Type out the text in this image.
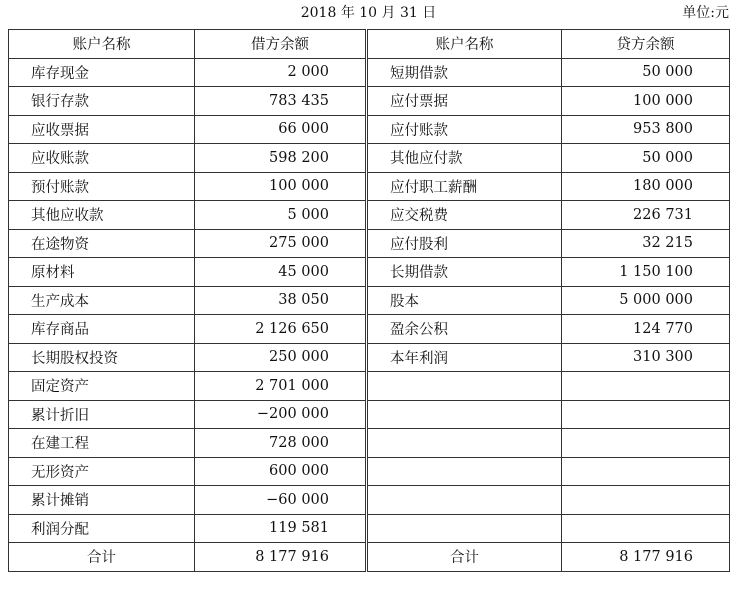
2018 年 10 月 31 日	单位:元
账户名称	借方余额	账户名称	贷方余额
库存现金	2 000	短期借款	50 000
银行存款	783 435	应付票据	100 000
应收票据	66 000	应付账款	953 800
应收账款	598 200	其他应付款	50 000
预付账款	100 000	应付职工薪酬	180 000
其他应收款	5 000	应交税费	226 731
在途物资	275 000	应付股利	32 215
原材料	45 000	长期借款	1 150 100
生产成本	38 050	股本	5 000 000
库存商品	2 126 650	盈余公积	124 770
长期股权投资	250 000	本年利润	310 300
固定资产	2 701 000		
累计折旧	−200 000		
在建工程	728 000		
无形资产	600 000		
累计摊销	−60 000		
利润分配	119 581		
合计	8 177 916	合计	8 177 916
